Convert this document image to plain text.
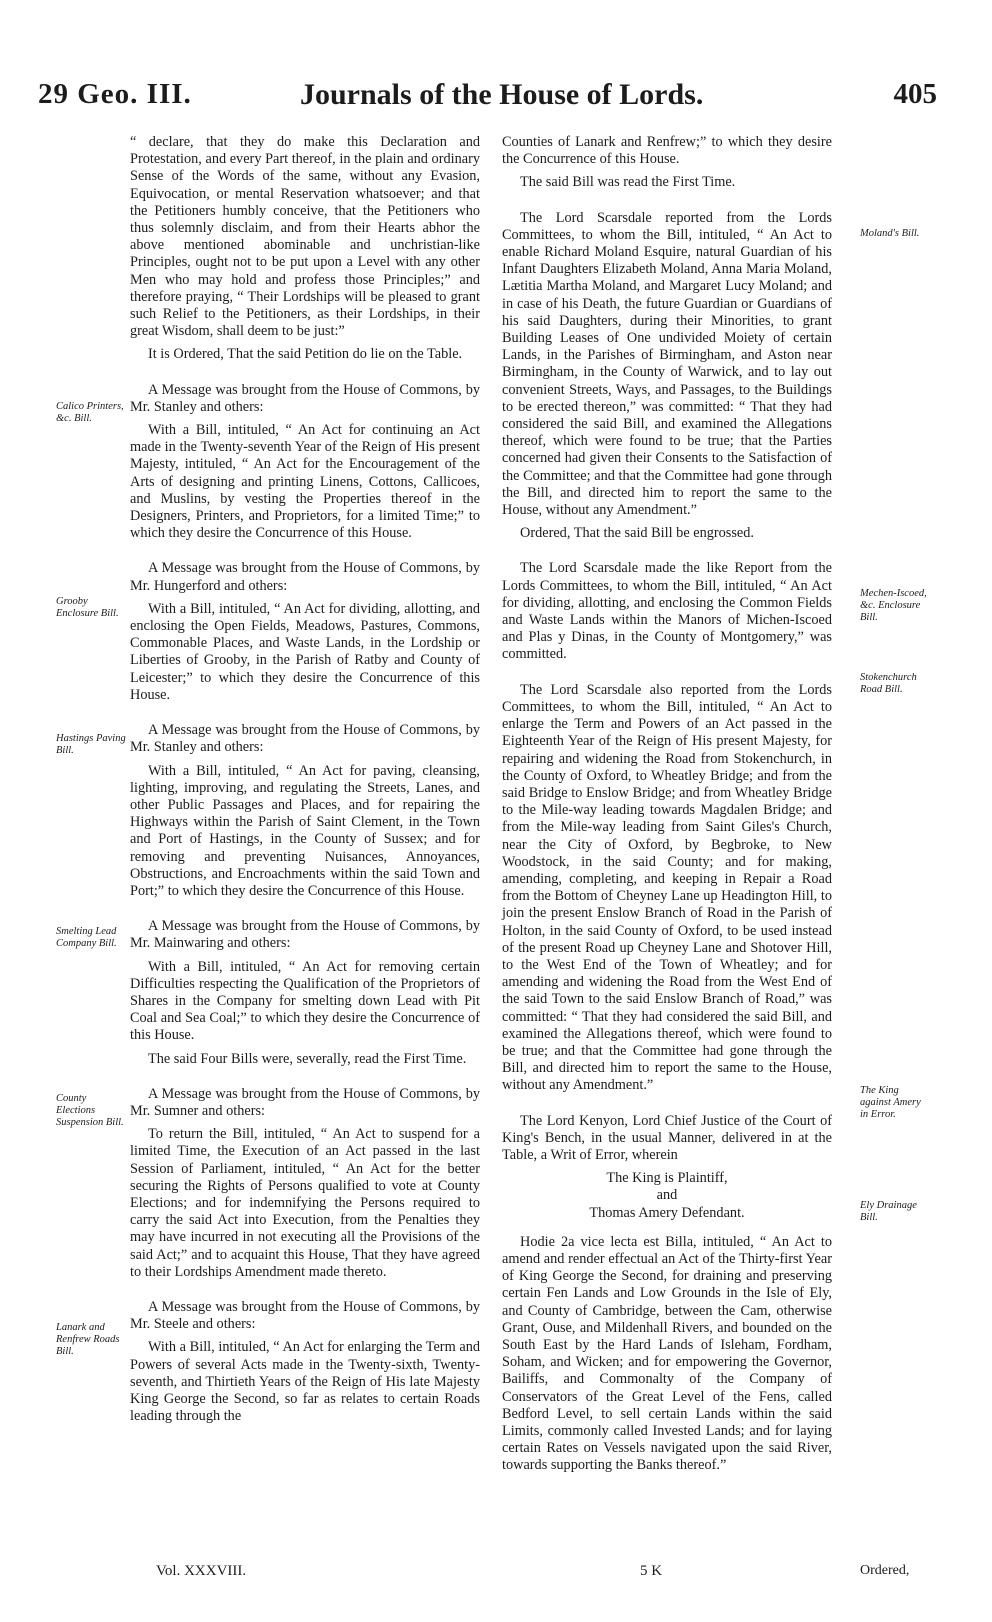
29 Geo. III.	Journals of the House of Lords.	405
Calico Printers, &c. Bill.
Grooby Enclosure Bill.
Hastings Paving Bill.
Smelting Lead Company Bill.
County Elections Suspension Bill.
Lanark and Renfrew Roads Bill.
Moland's Bill.
Mechen-Iscoed, &c. Enclosure Bill.
Stokenchurch Road Bill.
The King against Amery in Error.
Ely Drainage Bill.

“ declare, that they do make this Declaration and Protestation, and every Part thereof, in the plain and ordinary Sense of the Words of the same, without any Evasion, Equivocation, or mental Reservation whatsoever; and that the Petitioners humbly conceive, that the Petitioners who thus solemnly disclaim, and from their Hearts abhor the above mentioned abominable and unchristian-like Principles, ought not to be put upon a Level with any other Men who may hold and profess those Principles;” and therefore praying, “ Their Lordships will be pleased to grant such Relief to the Petitioners, as their Lordships, in their great Wisdom, shall deem to be just:”

It is Ordered, That the said Petition do lie on the Table.

A Message was brought from the House of Commons, by Mr. Stanley and others:

With a Bill, intituled, “ An Act for continuing an Act made in the Twenty-seventh Year of the Reign of His present Majesty, intituled, “ An Act for the Encouragement of the Arts of designing and printing Linens, Cottons, Callicoes, and Muslins, by vesting the Properties thereof in the Designers, Printers, and Proprietors, for a limited Time;” to which they desire the Concurrence of this House.

A Message was brought from the House of Commons, by Mr. Hungerford and others:

With a Bill, intituled, “ An Act for dividing, allotting, and enclosing the Open Fields, Meadows, Pastures, Commons, Commonable Places, and Waste Lands, in the Lordship or Liberties of Grooby, in the Parish of Ratby and County of Leicester;” to which they desire the Concurrence of this House.

A Message was brought from the House of Commons, by Mr. Stanley and others:

With a Bill, intituled, “ An Act for paving, cleansing, lighting, improving, and regulating the Streets, Lanes, and other Public Passages and Places, and for repairing the Highways within the Parish of Saint Clement, in the Town and Port of Hastings, in the County of Sussex; and for removing and preventing Nuisances, Annoyances, Obstructions, and Encroachments within the said Town and Port;” to which they desire the Concurrence of this House.

A Message was brought from the House of Commons, by Mr. Mainwaring and others:

With a Bill, intituled, “ An Act for removing certain Difficulties respecting the Qualification of the Proprietors of Shares in the Company for smelting down Lead with Pit Coal and Sea Coal;” to which they desire the Concurrence of this House.

The said Four Bills were, severally, read the First Time.

A Message was brought from the House of Commons, by Mr. Sumner and others:

To return the Bill, intituled, “ An Act to suspend for a limited Time, the Execution of an Act passed in the last Session of Parliament, intituled, “ An Act for the better securing the Rights of Persons qualified to vote at County Elections; and for indemnifying the Persons required to carry the said Act into Execution, from the Penalties they may have incurred in not executing all the Provisions of the said Act;” and to acquaint this House, That they have agreed to their Lordships Amendment made thereto.

A Message was brought from the House of Commons, by Mr. Steele and others:

With a Bill, intituled, “ An Act for enlarging the Term and Powers of several Acts made in the Twenty-sixth, Twenty-seventh, and Thirtieth Years of the Reign of His late Majesty King George the Second, so far as relates to certain Roads leading through the

Counties of Lanark and Renfrew;” to which they desire the Concurrence of this House.

The said Bill was read the First Time.

The Lord Scarsdale reported from the Lords Committees, to whom the Bill, intituled, “ An Act to enable Richard Moland Esquire, natural Guardian of his Infant Daughters Elizabeth Moland, Anna Maria Moland, Lætitia Martha Moland, and Margaret Lucy Moland; and in case of his Death, the future Guardian or Guardians of his said Daughters, during their Minorities, to grant Building Leases of One undivided Moiety of certain Lands, in the Parishes of Birmingham, and Aston near Birmingham, in the County of Warwick, and to lay out convenient Streets, Ways, and Passages, to the Buildings to be erected thereon,” was committed: “ That they had considered the said Bill, and examined the Allegations thereof, which were found to be true; that the Parties concerned had given their Consents to the Satisfaction of the Committee; and that the Committee had gone through the Bill, and directed him to report the same to the House, without any Amendment.”

Ordered, That the said Bill be engrossed.

The Lord Scarsdale made the like Report from the Lords Committees, to whom the Bill, intituled, “ An Act for dividing, allotting, and enclosing the Common Fields and Waste Lands within the Manors of Michen-Iscoed and Plas y Dinas, in the County of Montgomery,” was committed.

The Lord Scarsdale also reported from the Lords Committees, to whom the Bill, intituled, “ An Act to enlarge the Term and Powers of an Act passed in the Eighteenth Year of the Reign of His present Majesty, for repairing and widening the Road from Stokenchurch, in the County of Oxford, to Wheatley Bridge; and from the said Bridge to Enslow Bridge; and from Wheatley Bridge to the Mile-way leading towards Magdalen Bridge; and from the Mile-way leading from Saint Giles's Church, near the City of Oxford, by Begbroke, to New Woodstock, in the said County; and for making, amending, completing, and keeping in Repair a Road from the Bottom of Cheyney Lane up Headington Hill, to join the present Enslow Branch of Road in the Parish of Holton, in the said County of Oxford, to be used instead of the present Road up Cheyney Lane and Shotover Hill, to the West End of the Town of Wheatley; and for amending and widening the Road from the West End of the said Town to the said Enslow Branch of Road,” was committed: “ That they had considered the said Bill, and examined the Allegations thereof, which were found to be true; and that the Committee had gone through the Bill, and directed him to report the same to the House, without any Amendment.”

The Lord Kenyon, Lord Chief Justice of the Court of King's Bench, in the usual Manner, delivered in at the Table, a Writ of Error, wherein

The King is Plaintiff,

and

Thomas Amery Defendant.

Hodie 2a vice lecta est Billa, intituled, “ An Act to amend and render effectual an Act of the Thirty-first Year of King George the Second, for draining and preserving certain Fen Lands and Low Grounds in the Isle of Ely, and County of Cambridge, between the Cam, otherwise Grant, Ouse, and Mildenhall Rivers, and bounded on the South East by the Hard Lands of Isleham, Fordham, Soham, and Wicken; and for empowering the Governor, Bailiffs, and Commonalty of the Company of Conservators of the Great Level of the Fens, called Bedford Level, to sell certain Lands within the said Limits, commonly called Invested Lands; and for laying certain Rates on Vessels navigated upon the said River, towards supporting the Banks thereof.”

Vol. XXXVIII.	5 K	Ordered,
